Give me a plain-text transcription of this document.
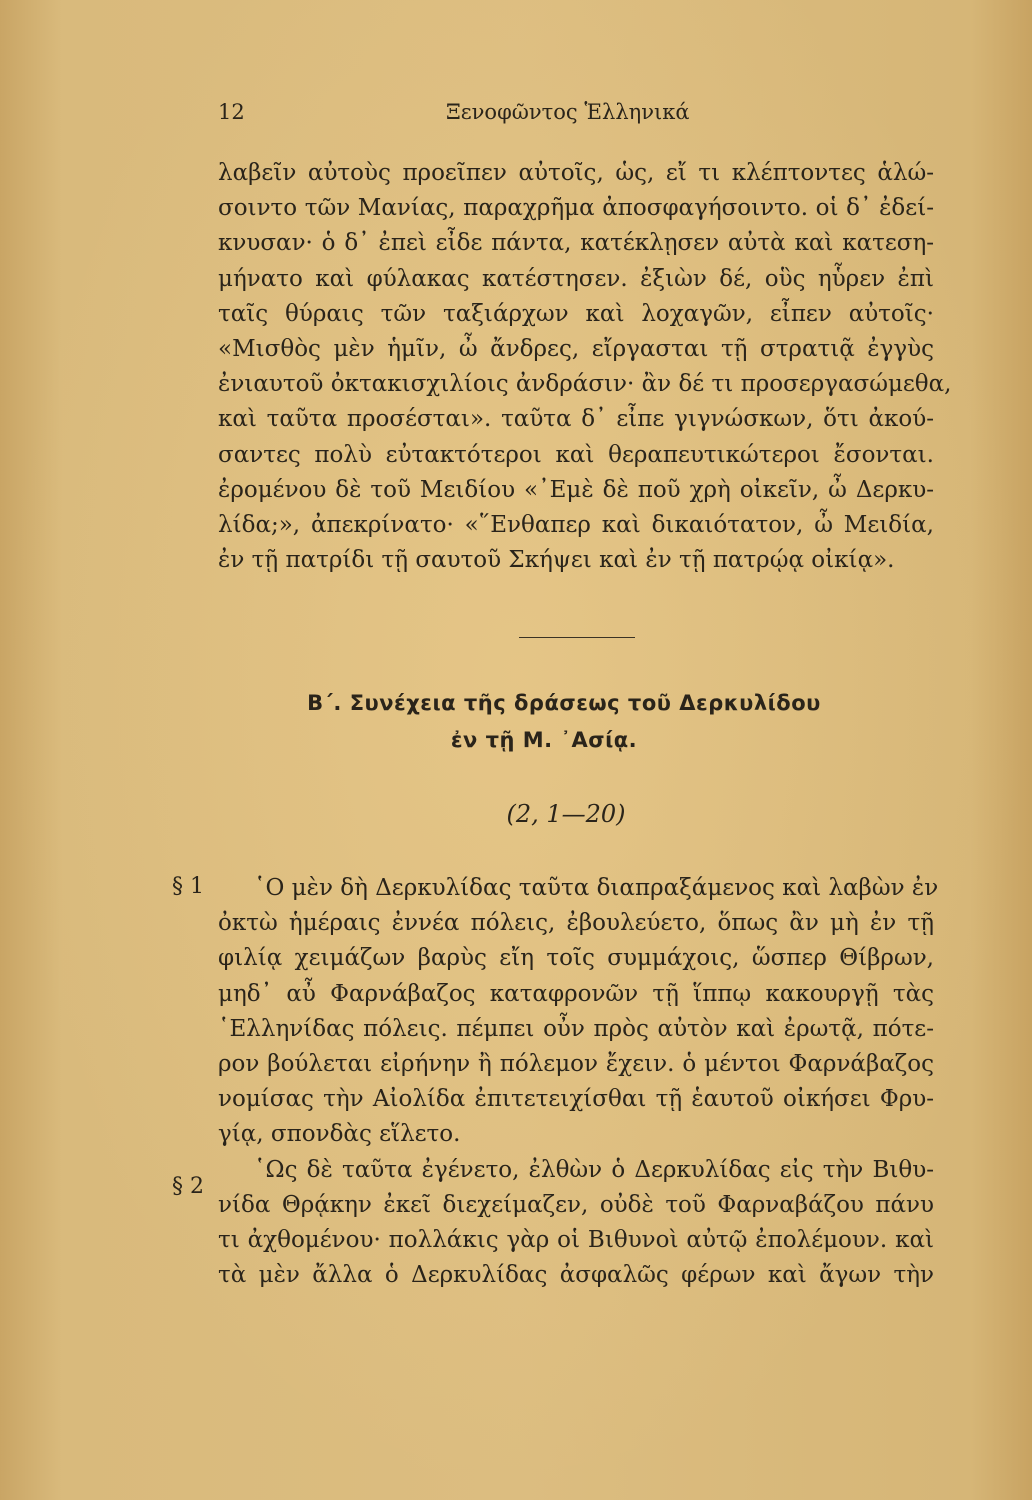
12	Ξενοφῶντος Ἑλληνικά
λαβεῖν αὐτοὺς προεῖπεν αὐτοῖς, ὡς, εἴ τι κλέπτοντες ἁλώ-
σοιντο τῶν Μανίας, παραχρῆμα ἀποσφαγήσοιντο. οἱ δ᾽ ἐδεί-
κνυσαν· ὁ δ᾽ ἐπεὶ εἶδε πάντα, κατέκλῃσεν αὐτὰ καὶ κατεση-
μήνατο καὶ φύλακας κατέστησεν. ἐξιὼν δέ, οὓς ηὗρεν ἐπὶ
ταῖς θύραις τῶν ταξιάρχων καὶ λοχαγῶν, εἶπεν αὐτοῖς·
«Μισθὸς μὲν ἡμῖν, ὦ ἄνδρες, εἴργασται τῇ στρατιᾷ ἐγγὺς
ἐνιαυτοῦ ὀκτακισχιλίοις ἀνδράσιν· ἂν δέ τι προσεργασώμεθα,
καὶ ταῦτα προσέσται». ταῦτα δ᾽ εἶπε γιγνώσκων, ὅτι ἀκού-
σαντες πολὺ εὐτακτότεροι καὶ θεραπευτικώτεροι ἔσονται.
ἐρομένου δὲ τοῦ Μειδίου «᾿Εμὲ δὲ ποῦ χρὴ οἰκεῖν, ὦ Δερκυ-
λίδα;», ἀπεκρίνατο· «῞Ενθαπερ καὶ δικαιότατον, ὦ Μειδία,
ἐν τῇ πατρίδι τῇ σαυτοῦ Σκήψει καὶ ἐν τῇ πατρῴᾳ οἰκίᾳ».
Β΄. Συνέχεια τῆς δράσεως τοῦ Δερκυλίδου
ἐν τῇ Μ. ᾿Ασίᾳ.
(2, 1—20)
§ 1
§ 2
῾Ο μὲν δὴ Δερκυλίδας ταῦτα διαπραξάμενος καὶ λαβὼν ἐν
ὀκτὼ ἡμέραις ἐννέα πόλεις, ἐβουλεύετο, ὅπως ἂν μὴ ἐν τῇ
φιλίᾳ χειμάζων βαρὺς εἴη τοῖς συμμάχοις, ὥσπερ Θίβρων,
μηδ᾽ αὖ Φαρνάβαζος καταφρονῶν τῇ ἵππῳ κακουργῇ τὰς
῾Ελληνίδας πόλεις. πέμπει οὖν πρὸς αὐτὸν καὶ ἐρωτᾷ, πότε-
ρον βούλεται εἰρήνην ἢ πόλεμον ἔχειν. ὁ μέντοι Φαρνάβαζος
νομίσας τὴν Αἰολίδα ἐπιτετειχίσθαι τῇ ἑαυτοῦ οἰκήσει Φρυ-
γίᾳ, σπονδὰς εἵλετο.
῾Ως δὲ ταῦτα ἐγένετο, ἐλθὼν ὁ Δερκυλίδας εἰς τὴν Βιθυ-
νίδα Θρᾴκην ἐκεῖ διεχείμαζεν, οὐδὲ τοῦ Φαρναβάζου πάνυ
τι ἀχθομένου· πολλάκις γὰρ οἱ Βιθυνοὶ αὐτῷ ἐπολέμουν. καὶ
τὰ μὲν ἄλλα ὁ Δερκυλίδας ἀσφαλῶς φέρων καὶ ἄγων τὴν
